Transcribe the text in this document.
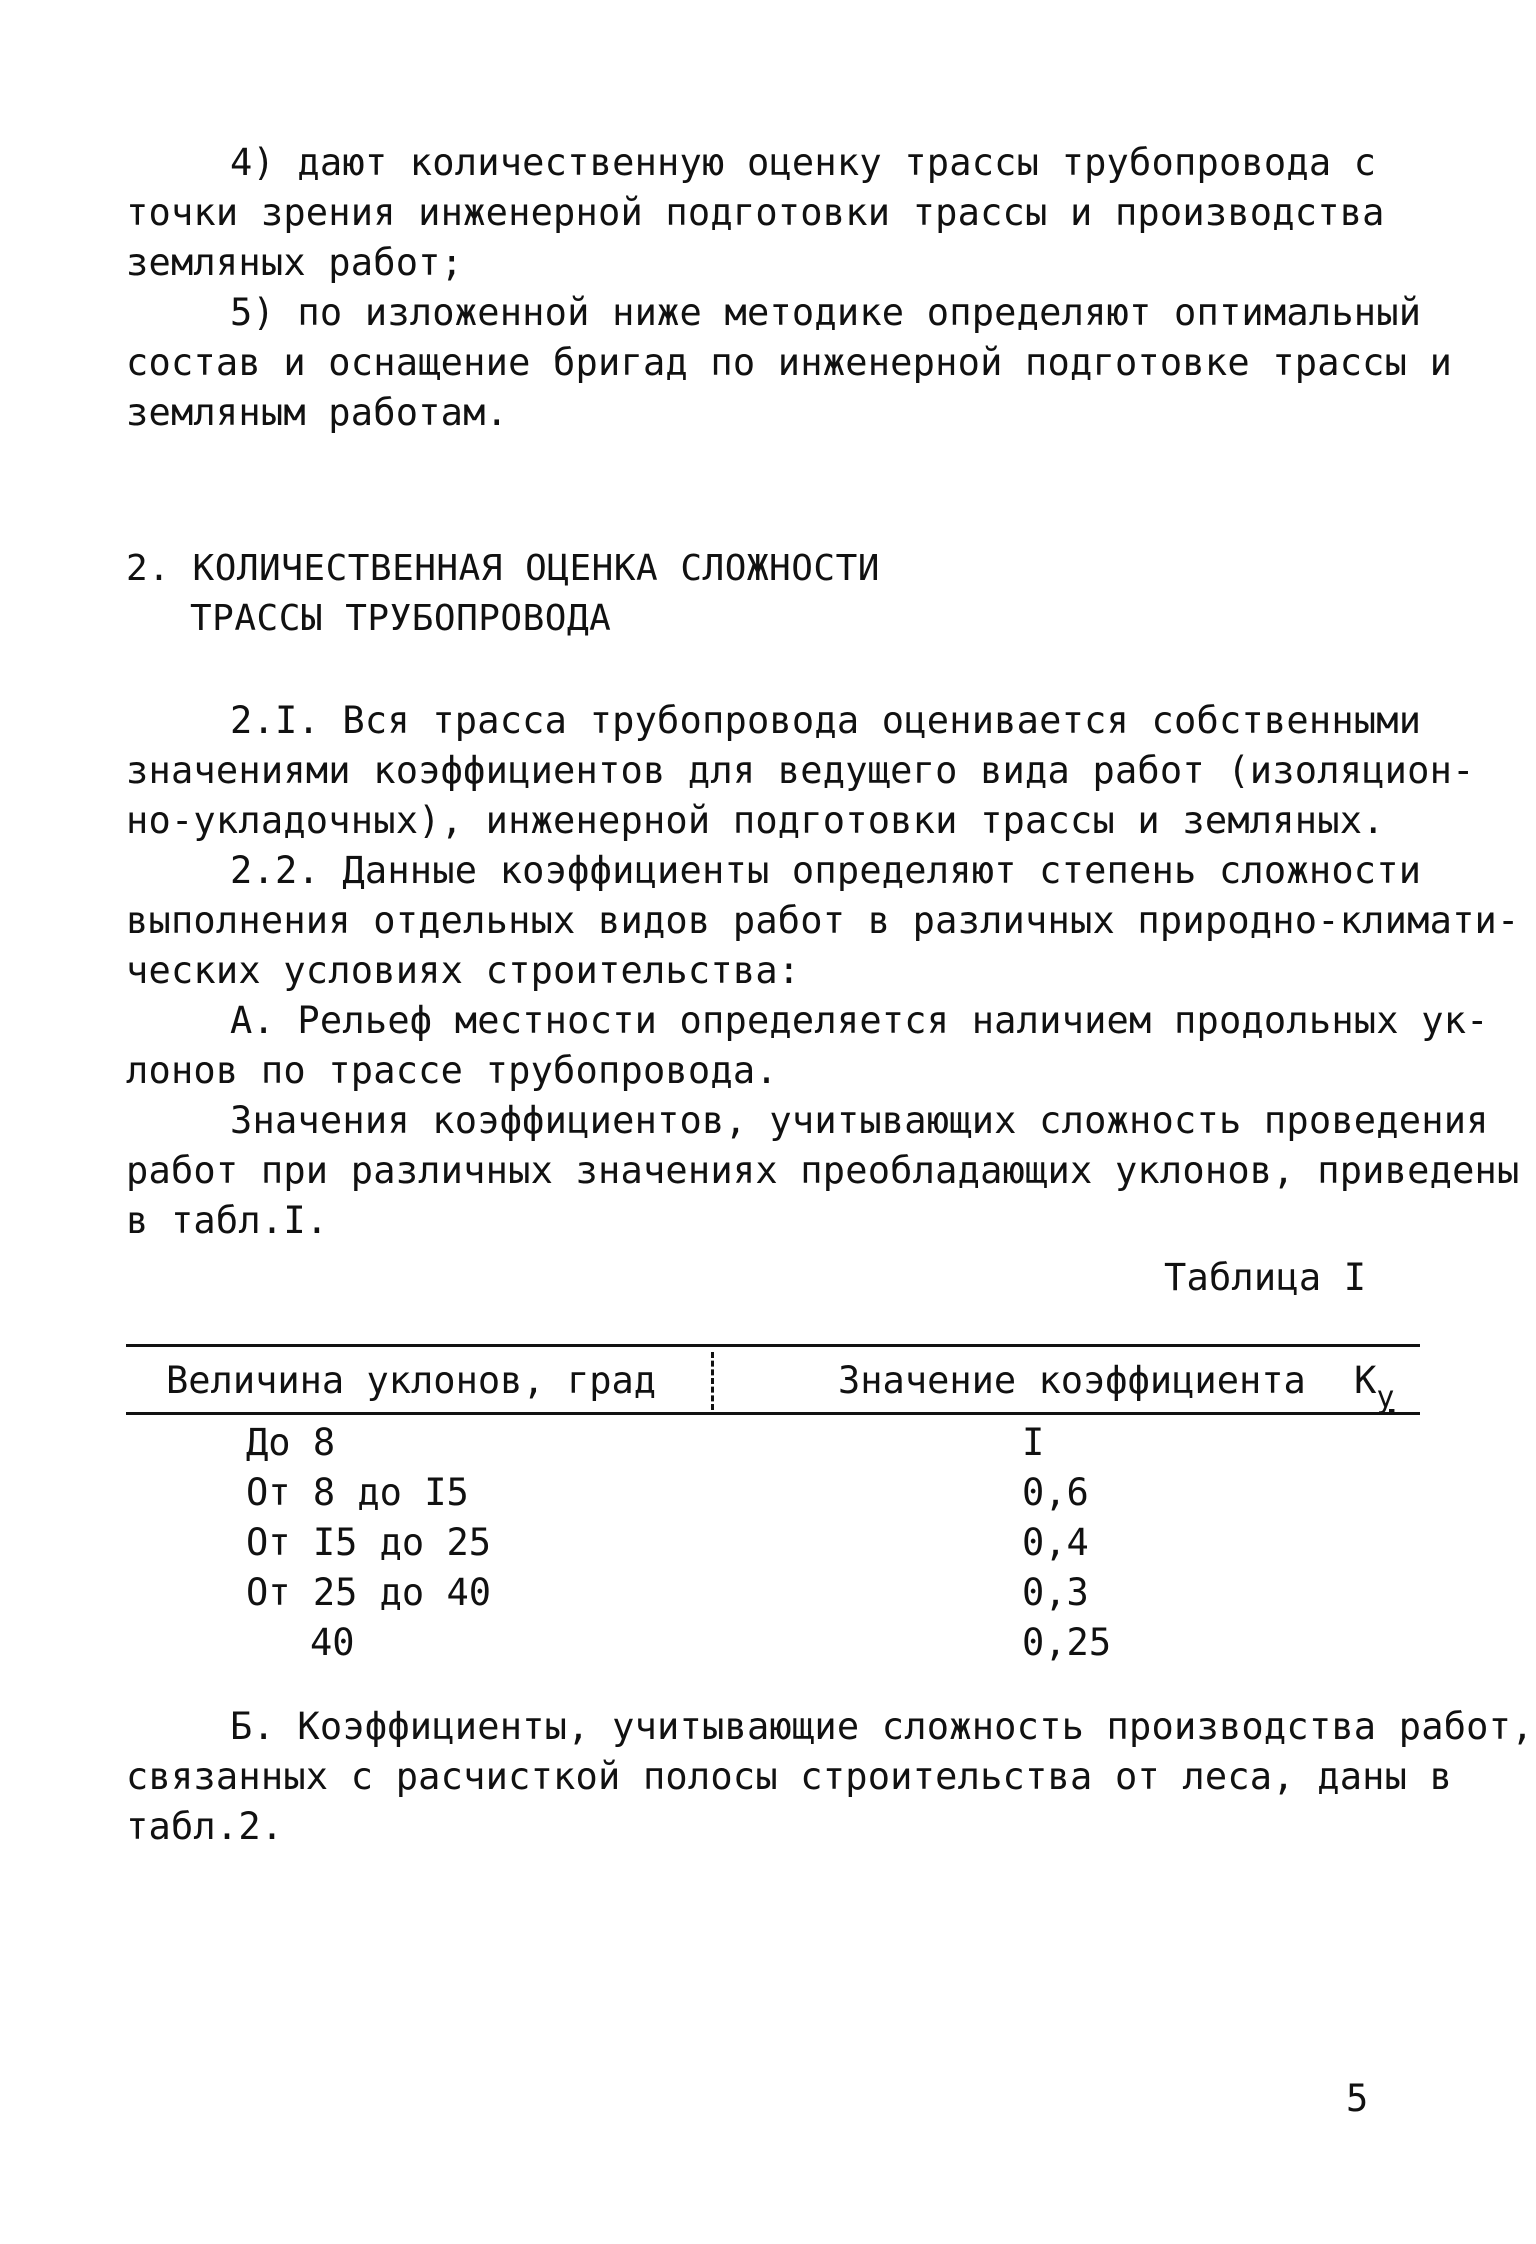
4) дают количественную оценку трассы трубопровода с
точки зрения инженерной подготовки трассы и производства
земляных работ;
5) по изложенной ниже методике определяют оптимальный
состав и оснащение бригад по инженерной подготовке трассы и
земляным работам.
2. КОЛИЧЕСТВЕННАЯ ОЦЕНКА СЛОЖНОСТИ
ТРАССЫ ТРУБОПРОВОДА
2.I. Вся трасса трубопровода оценивается собственными
значениями коэффициентов для ведущего вида работ (изоляцион-
но-укладочных), инженерной подготовки трассы и земляных.
2.2. Данные коэффициенты определяют степень сложности
выполнения отдельных видов работ в различных природно-климати-
ческих условиях строительства:
А. Рельеф местности определяется наличием продольных ук-
лонов по трассе трубопровода.
Значения коэффициентов, учитывающих сложность проведения
работ при различных значениях преобладающих уклонов, приведены
в табл.I.
Таблица I
Величина уклонов, град	Значение коэффициента $К_у$
До 8	I
От 8 до I5	0,6
От I5 до 25	0,4
От 25 до 40	0,3
40	0,25
Б. Коэффициенты, учитывающие сложность производства работ,
связанных с расчисткой полосы строительства от леса, даны в
табл.2.
5
